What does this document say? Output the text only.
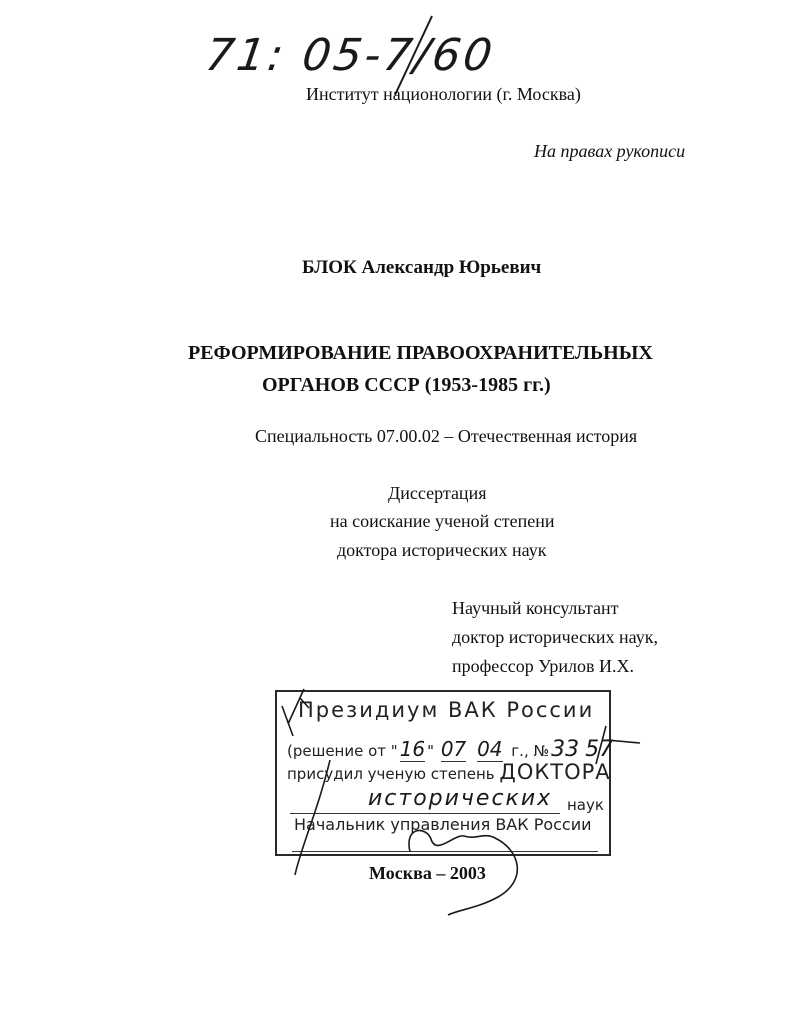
71: 05-7/60
Институт национологии (г. Москва)
На правах рукописи
БЛОК Александр Юрьевич
РЕФОРМИРОВАНИЕ ПРАВООХРАНИТЕЛЬНЫХ
ОРГАНОВ СССР (1953-1985 гг.)
Специальность 07.00.02 – Отечественная история
Диссертация
на соискание ученой степени
доктора исторических наук
Научный консультант
доктор исторических наук,
профессор Урилов И.Х.
Президиум ВАК России
(решение от " 16 " 07 04 г., №33 57
присудил ученую степень ДОКТОРА
исторических наук
Начальник управления ВАК России
Москва – 2003
